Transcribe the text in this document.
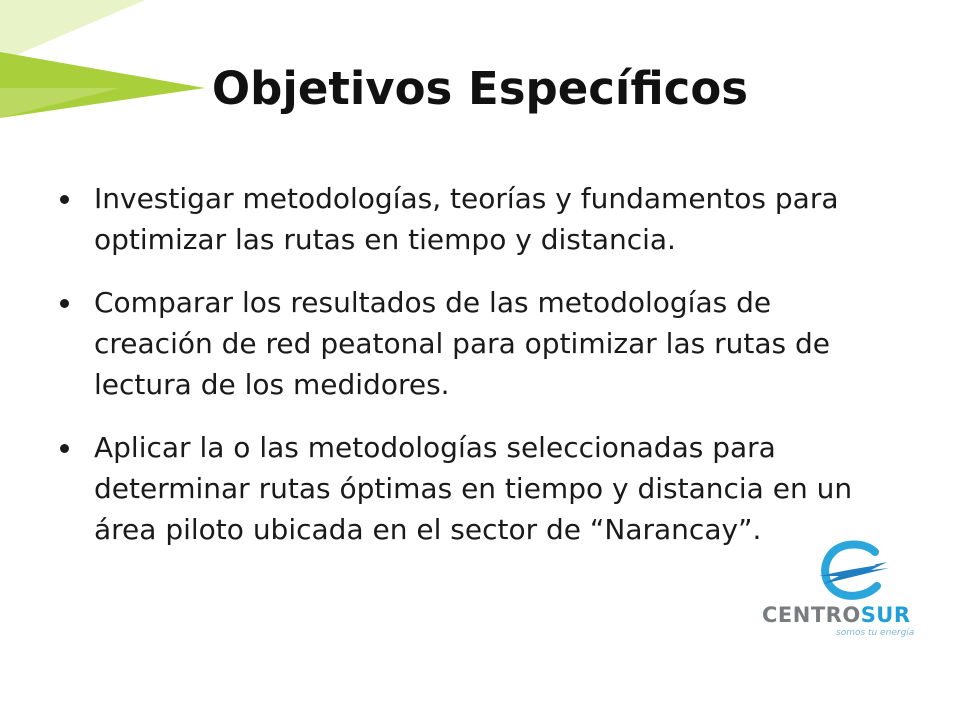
Objetivos Específicos
Investigar metodologías, teorías y fundamentos para optimizar las rutas en tiempo y distancia.
Comparar los resultados de las metodologías de creación de red peatonal para optimizar las rutas de lectura de los medidores.
Aplicar la o las metodologías seleccionadas para determinar rutas óptimas en tiempo y distancia en un área piloto ubicada en el sector de “Narancay”.
CENTROSUR
somos tu energía
